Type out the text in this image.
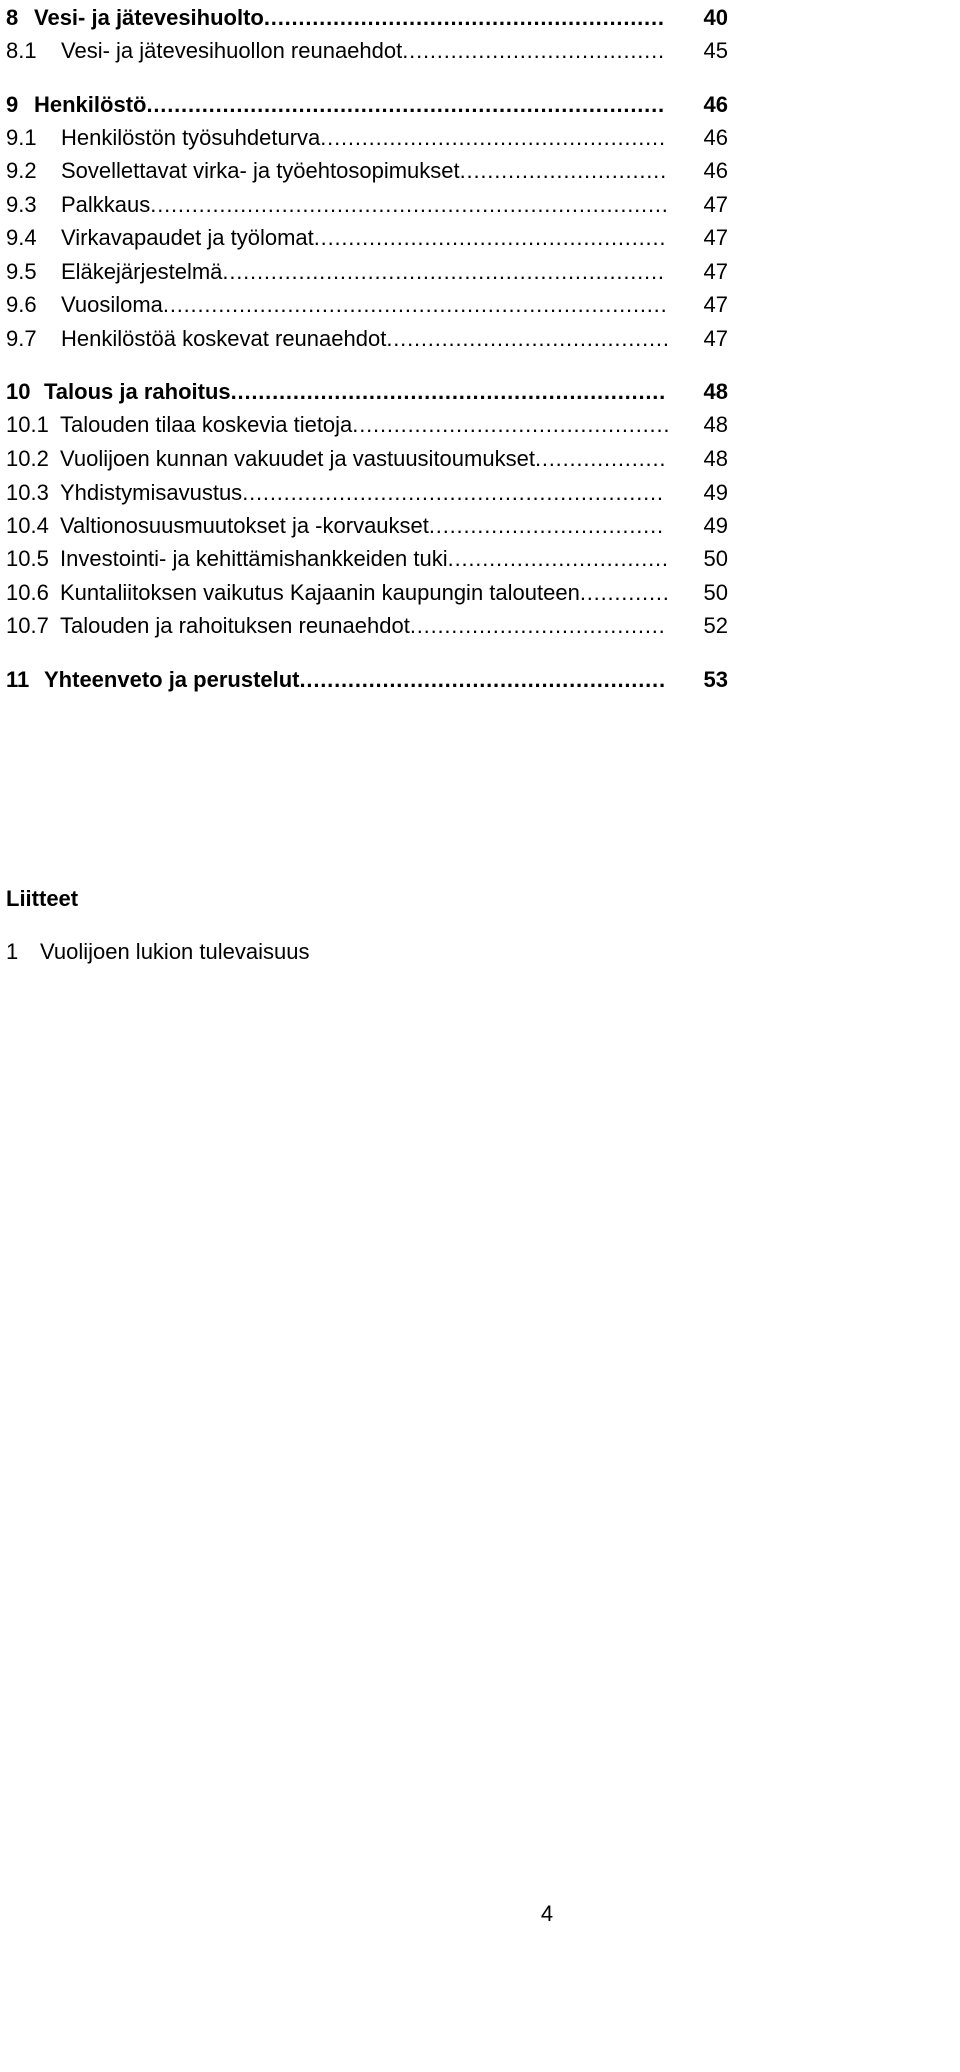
8 Vesi- ja jätevesihuolto.......................................................... 40
8.1 Vesi- ja jätevesihuollon reunaehdot...................................... 45
9 Henkilöstö........................................................................... 46
9.1 Henkilöstön työsuhdeturva.................................................. 46
9.2 Sovellettavat virka- ja työehtosopimukset.............................. 46
9.3 Palkkaus........................................................................... 47
9.4 Virkavapaudet ja työlomat................................................... 47
9.5 Eläkejärjestelmä................................................................ 47
9.6 Vuosiloma......................................................................... 47
9.7 Henkilöstöä koskevat reunaehdot......................................... 47
10 Talous ja rahoitus............................................................... 48
10.1 Talouden tilaa koskevia tietoja.............................................. 48
10.2 Vuolijoen kunnan vakuudet ja vastuusitoumukset................... 48
10.3 Yhdistymisavustus............................................................. 49
10.4 Valtionosuusmuutokset ja -korvaukset.................................. 49
10.5 Investointi- ja kehittämishankkeiden tuki................................ 50
10.6 Kuntaliitoksen vaikutus Kajaanin kaupungin talouteen............. 50
10.7 Talouden ja rahoituksen reunaehdot..................................... 52
11 Yhteenveto ja perustelut..................................................... 53
Liitteet
1 Vuolijoen lukion tulevaisuus
4
